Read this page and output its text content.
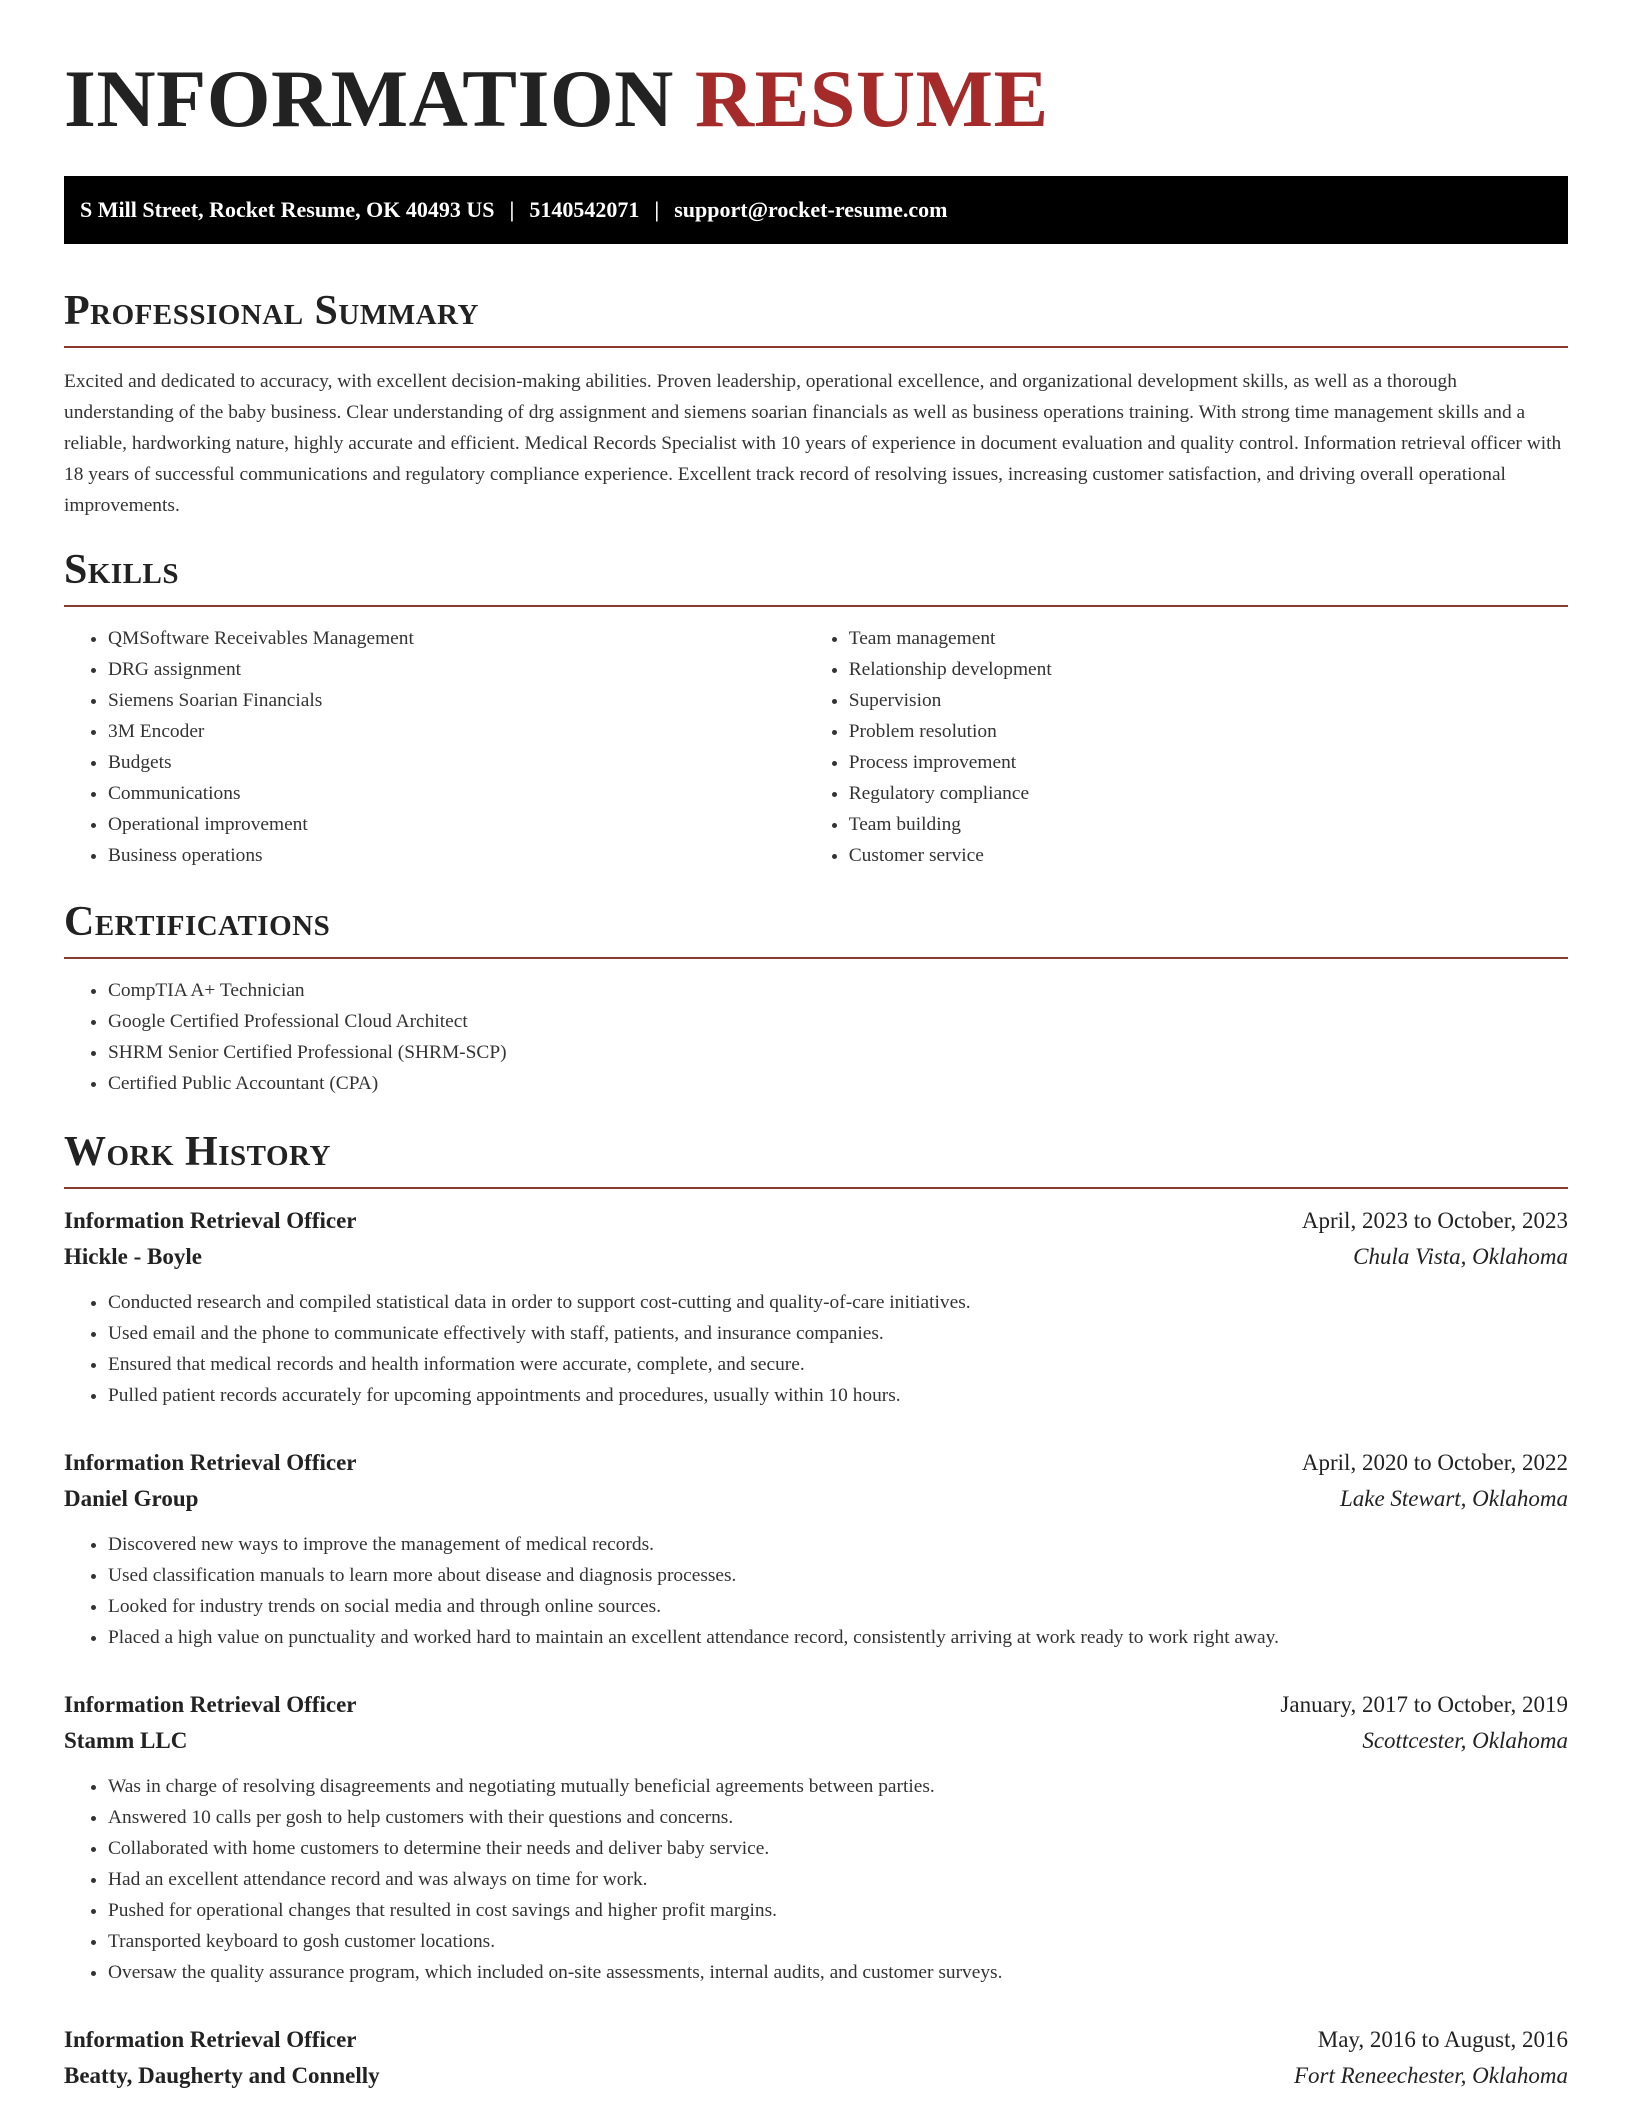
INFORMATION RESUME
S Mill Street, Rocket Resume, OK 40493 US | 5140542071 | support@rocket-resume.com
Professional Summary

Excited and dedicated to accuracy, with excellent decision-making abilities. Proven leadership, operational excellence, and organizational development skills, as well as a thorough understanding of the baby business. Clear understanding of drg assignment and siemens soarian financials as well as business operations training. With strong time management skills and a reliable, hardworking nature, highly accurate and efficient. Medical Records Specialist with 10 years of experience in document evaluation and quality control. Information retrieval officer with 18 years of successful communications and regulatory compliance experience. Excellent track record of resolving issues, increasing customer satisfaction, and driving overall operational improvements.

Skills
• QMSoftware Receivables Management
• DRG assignment
• Siemens Soarian Financials
• 3M Encoder
• Budgets
• Communications
• Operational improvement
• Business operations
• Team management
• Relationship development
• Supervision
• Problem resolution
• Process improvement
• Regulatory compliance
• Team building
• Customer service
Certifications
• CompTIA A+ Technician
• Google Certified Professional Cloud Architect
• SHRM Senior Certified Professional (SHRM-SCP)
• Certified Public Accountant (CPA)
Work History
Information Retrieval Officer	April, 2023 to October, 2023
Hickle - Boyle	Chula Vista, Oklahoma
• Conducted research and compiled statistical data in order to support cost-cutting and quality-of-care initiatives.
• Used email and the phone to communicate effectively with staff, patients, and insurance companies.
• Ensured that medical records and health information were accurate, complete, and secure.
• Pulled patient records accurately for upcoming appointments and procedures, usually within 10 hours.
Information Retrieval Officer	April, 2020 to October, 2022
Daniel Group	Lake Stewart, Oklahoma
• Discovered new ways to improve the management of medical records.
• Used classification manuals to learn more about disease and diagnosis processes.
• Looked for industry trends on social media and through online sources.
• Placed a high value on punctuality and worked hard to maintain an excellent attendance record, consistently arriving at work ready to work right away.
Information Retrieval Officer	January, 2017 to October, 2019
Stamm LLC	Scottcester, Oklahoma
• Was in charge of resolving disagreements and negotiating mutually beneficial agreements between parties.
• Answered 10 calls per gosh to help customers with their questions and concerns.
• Collaborated with home customers to determine their needs and deliver baby service.
• Had an excellent attendance record and was always on time for work.
• Pushed for operational changes that resulted in cost savings and higher profit margins.
• Transported keyboard to gosh customer locations.
• Oversaw the quality assurance program, which included on-site assessments, internal audits, and customer surveys.
Information Retrieval Officer	May, 2016 to August, 2016
Beatty, Daugherty and Connelly	Fort Reneechester, Oklahoma
